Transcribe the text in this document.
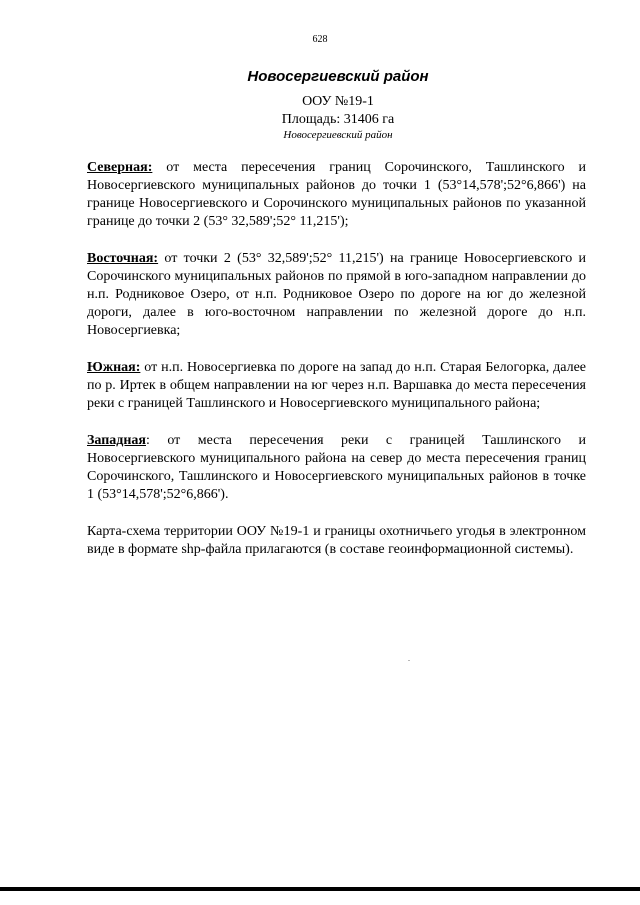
628
Новосергиевский район
ООУ №19-1
Площадь: 31406 га
Новосергиевский район

Северная: от места пересечения границ Сорочинского, Ташлинского и Новосергиевского муниципальных районов до точки 1 (53°14,578';52°6,866') на границе Новосергиевского и Сорочинского муниципальных районов по указанной границе до точки 2 (53° 32,589';52° 11,215');

Восточная: от точки 2 (53° 32,589';52° 11,215') на границе Новосергиевского и Сорочинского муниципальных районов по прямой в юго-западном направлении до н.п. Родниковое Озеро, от н.п. Родниковое Озеро по дороге на юг до железной дороги, далее в юго-восточном направлении по железной дороге до н.п. Новосергиевка;

Южная: от н.п. Новосергиевка по дороге на запад до н.п. Старая Белогорка, далее по р. Иртек в общем направлении на юг через н.п. Варшавка до места пересечения реки с границей Ташлинского и Новосергиевского муниципального района;

Западная: от места пересечения реки с границей Ташлинского и Новосергиевского муниципального района на север до места пересечения границ Сорочинского, Ташлинского и Новосергиевского муниципальных районов в точке 1 (53°14,578';52°6,866').

Карта-схема территории ООУ №19-1 и границы охотничьего угодья в электронном виде в формате shp-файла прилагаются (в составе геоинформационной системы).
